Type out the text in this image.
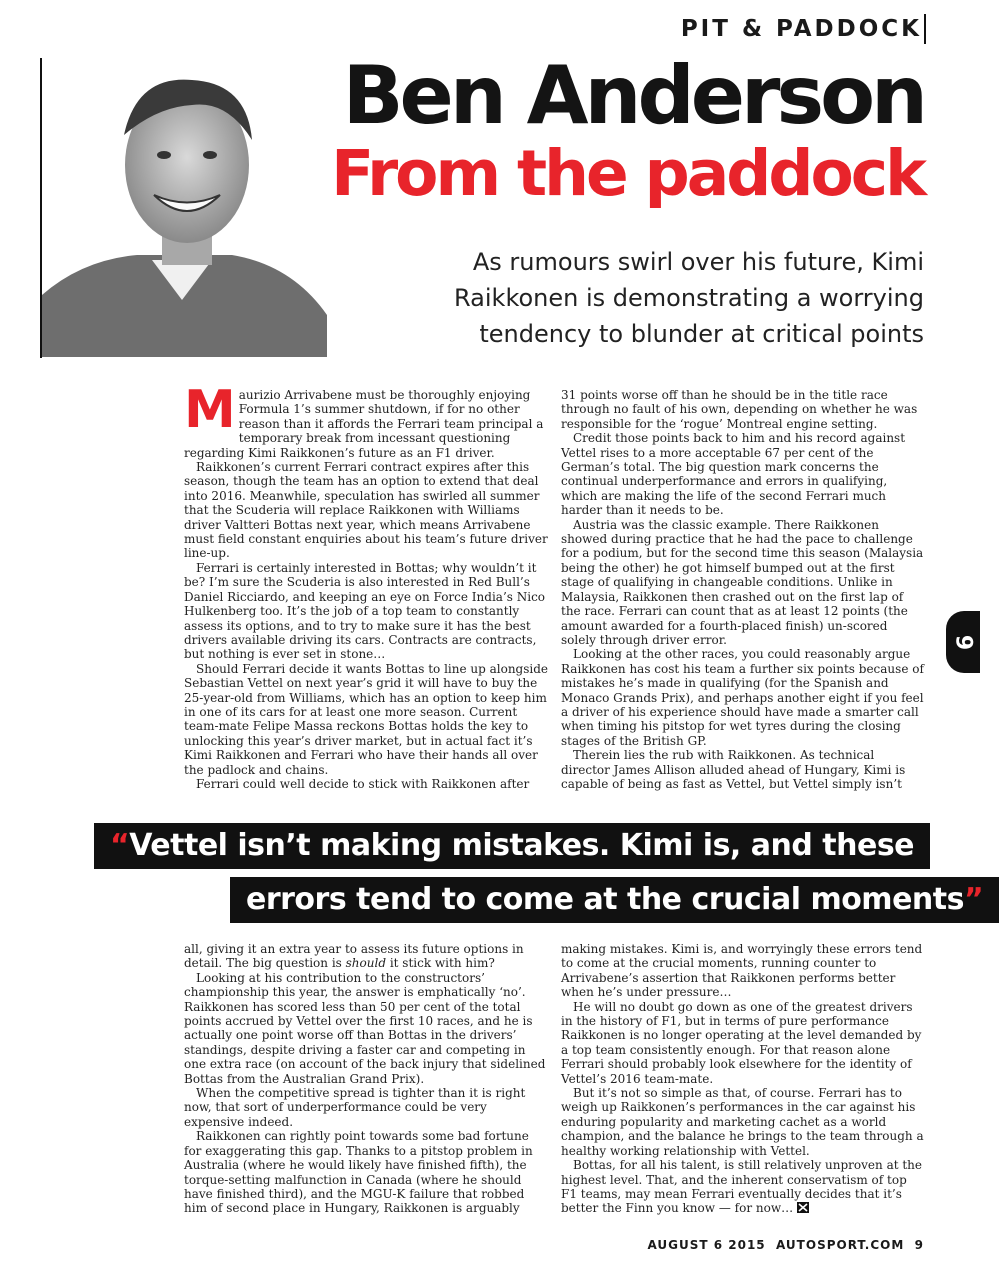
PIT & PADDOCK
Ben Anderson
From the paddock
As rumours swirl over his future, Kimi Raikkonen is demonstrating a worrying tendency to blunder at critical points

Maurizio Arrivabene must be thoroughly enjoying Formula 1’s summer shutdown, if for no other reason than it affords the Ferrari team principal a temporary break from incessant questioning regarding Kimi Raikkonen’s future as an F1 driver.

Raikkonen’s current Ferrari contract expires after this season, though the team has an option to extend that deal into 2016. Meanwhile, speculation has swirled all summer that the Scuderia will replace Raikkonen with Williams driver Valtteri Bottas next year, which means Arrivabene must field constant enquiries about his team’s future driver line-up.

Ferrari is certainly interested in Bottas; why wouldn’t it be? I’m sure the Scuderia is also interested in Red Bull’s Daniel Ricciardo, and keeping an eye on Force India’s Nico Hulkenberg too. It’s the job of a top team to constantly assess its options, and to try to make sure it has the best drivers available driving its cars. Contracts are contracts, but nothing is ever set in stone…

Should Ferrari decide it wants Bottas to line up alongside Sebastian Vettel on next year’s grid it will have to buy the 25-year-old from Williams, which has an option to keep him in one of its cars for at least one more season. Current team-mate Felipe Massa reckons Bottas holds the key to unlocking this year’s driver market, but in actual fact it’s Kimi Raikkonen and Ferrari who have their hands all over the padlock and chains.

Ferrari could well decide to stick with Raikkonen after

31 points worse off than he should be in the title race through no fault of his own, depending on whether he was responsible for the ‘rogue’ Montreal engine setting.

Credit those points back to him and his record against Vettel rises to a more acceptable 67 per cent of the German’s total. The big question mark concerns the continual underperformance and errors in qualifying, which are making the life of the second Ferrari much harder than it needs to be.

Austria was the classic example. There Raikkonen showed during practice that he had the pace to challenge for a podium, but for the second time this season (Malaysia being the other) he got himself bumped out at the first stage of qualifying in changeable conditions. Unlike in Malaysia, Raikkonen then crashed out on the first lap of the race. Ferrari can count that as at least 12 points (the amount awarded for a fourth-placed finish) un-scored solely through driver error.

Looking at the other races, you could reasonably argue Raikkonen has cost his team a further six points because of mistakes he’s made in qualifying (for the Spanish and Monaco Grands Prix), and perhaps another eight if you feel a driver of his experience should have made a smarter call when timing his pitstop for wet tyres during the closing stages of the British GP.

Therein lies the rub with Raikkonen. As technical director James Allison alluded ahead of Hungary, Kimi is capable of being as fast as Vettel, but Vettel simply isn’t

“Vettel isn’t making mistakes. Kimi is, and these
errors tend to come at the crucial moments”

all, giving it an extra year to assess its future options in detail. The big question is should it stick with him?

Looking at his contribution to the constructors’ championship this year, the answer is emphatically ‘no’. Raikkonen has scored less than 50 per cent of the total points accrued by Vettel over the first 10 races, and he is actually one point worse off than Bottas in the drivers’ standings, despite driving a faster car and competing in one extra race (on account of the back injury that sidelined Bottas from the Australian Grand Prix).

When the competitive spread is tighter than it is right now, that sort of underperformance could be very expensive indeed.

Raikkonen can rightly point towards some bad fortune for exaggerating this gap. Thanks to a pitstop problem in Australia (where he would likely have finished fifth), the torque-setting malfunction in Canada (where he should have finished third), and the MGU-K failure that robbed him of second place in Hungary, Raikkonen is arguably

making mistakes. Kimi is, and worryingly these errors tend to come at the crucial moments, running counter to Arrivabene’s assertion that Raikkonen performs better when he’s under pressure…

He will no doubt go down as one of the greatest drivers in the history of F1, but in terms of pure performance Raikkonen is no longer operating at the level demanded by a top team consistently enough. For that reason alone Ferrari should probably look elsewhere for the identity of Vettel’s 2016 team-mate.

But it’s not so simple as that, of course. Ferrari has to weigh up Raikkonen’s performances in the car against his enduring popularity and marketing cachet as a world champion, and the balance he brings to the team through a healthy working relationship with Vettel.

Bottas, for all his talent, is still relatively unproven at the highest level. That, and the inherent conservatism of top F1 teams, may mean Ferrari eventually decides that it’s better the Finn you know — for now…

9
AUGUST 6 2015 AUTOSPORT.COM 9
